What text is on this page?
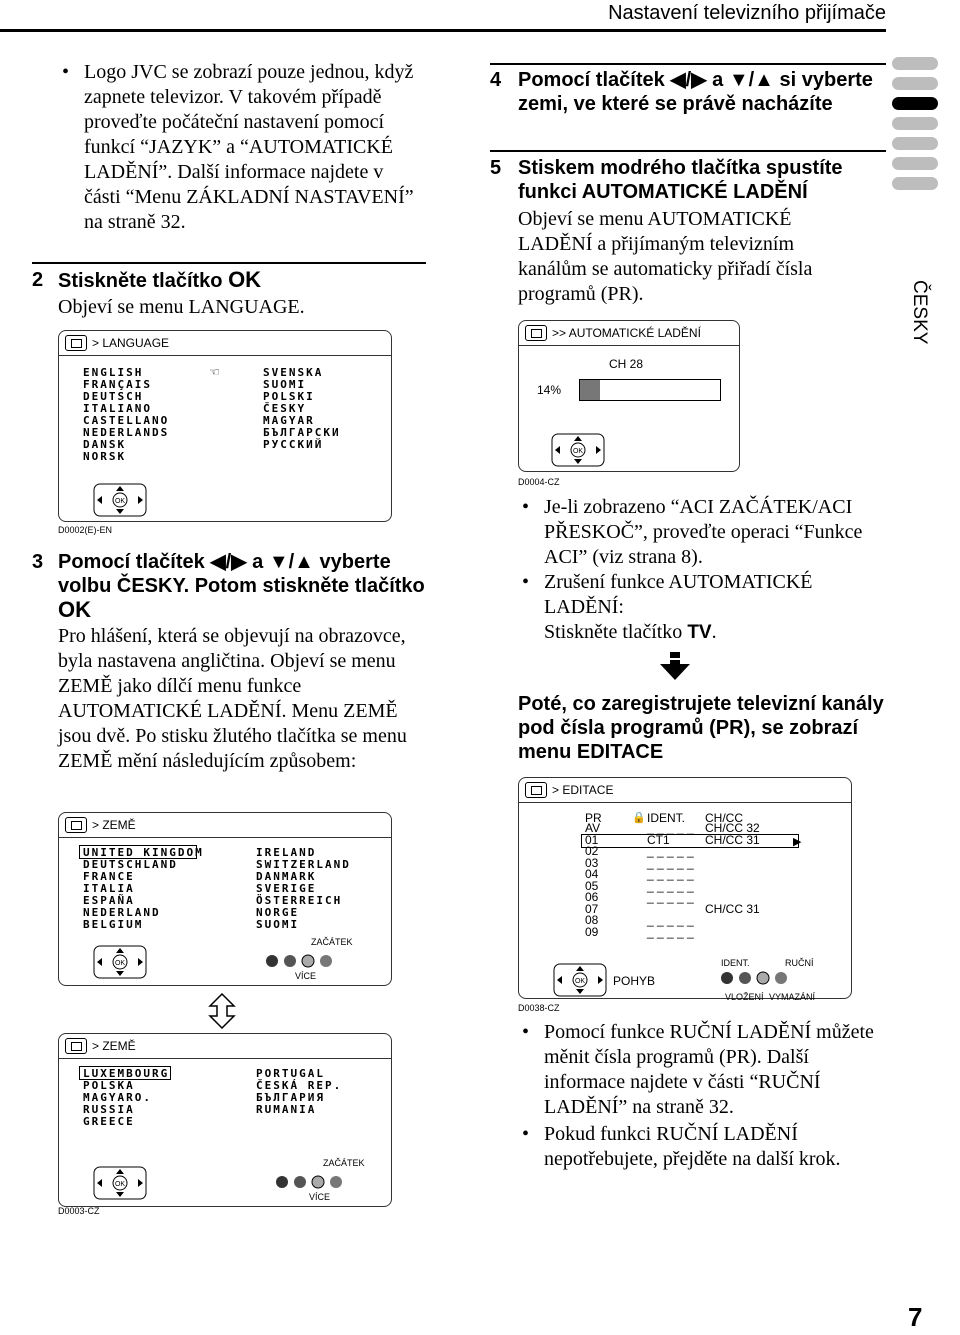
Nastavení televizního přijímače
ČESKY
• Logo JVC se zobrazí pouze jednou, když zapnete televizor. V takovém případě proveďte počáteční nastavení pomocí funkcí “JAZYK” a “AUTOMATICKÉ LADĚNÍ”. Další informace najdete v části “Menu ZÁKLADNÍ NASTAVENÍ” na straně 32.
2 Stiskněte tlačítko OK
Objeví se menu LANGUAGE.
> LANGUAGE
ENGLISH
FRANÇAIS
DEUTSCH
ITALIANO
CASTELLANO
NEDERLANDS
DANSK
NORSK
SVENSKA
SUOMI
POLSKI
ČESKY
MAGYAR
БЪЛГАРСКИ
РУССКИЙ
☜
OK
D0002(E)-EN
3 Pomocí tlačítek ◀/▶ a ▼/▲ vyberte volbu ČESKY. Potom stiskněte tlačítko OK
Pro hlášení, která se objevují na obrazovce, byla nastavena angličtina. Objeví se menu ZEMĚ jako dílčí menu funkce AUTOMATICKÉ LADĚNÍ. Menu ZEMĚ jsou dvě. Po stisku žlutého tlačítka se menu ZEMĚ mění následujícím způsobem:
> ZEMĚ
UNITED KINGDOM
DEUTSCHLAND
FRANCE
ITALIA
ESPAÑA
NEDERLAND
BELGIUM
IRELAND
SWITZERLAND
DANMARK
SVERIGE
ÖSTERREICH
NORGE
SUOMI
ZAČÁTEK
VÍCE
OK
> ZEMĚ
LUXEMBOURG
POLSKA
MAGYARO.
RUSSIA
GREECE
PORTUGAL
ČESKÁ REP.
БЪЛГАРИЯ
RUMANIA
ZAČÁTEK
VÍCE
OK
D0003-CZ
4 Pomocí tlačítek ◀/▶ a ▼/▲ si vyberte zemi, ve které se právě nacházíte
5 Stiskem modrého tlačítka spustíte funkci AUTOMATICKÉ LADĚNÍ
Objeví se menu AUTOMATICKÉ LADĚNÍ a přijímaným televizním kanálům se automaticky přiřadí čísla programů (PR).
>> AUTOMATICKÉ LADĚNÍ
CH 28
14%
OK
D0004-CZ
• Je-li zobrazeno “ACI ZAČÁTEK/ACI PŘESKOČ”, proveďte operaci “Funkce ACI” (viz strana 8).
• Zrušení funkce AUTOMATICKÉ LADĚNÍ:
Stiskněte tlačítko TV.
Poté, co zaregistrujete televizní kanály pod čísla programů (PR), se zobrazí menu EDITACE
> EDITACE
PR	🔒 IDENT. CH/CC
AV	_ _ _ _ _ CH/CC 32
01	CT1	CH/CC 31
02	_ _ _ _ _
03	_ _ _ _ _
04	_ _ _ _ _
05	_ _ _ _ _
06	_ _ _ _ _
07	CH/CC 31
08	_ _ _ _ _
09	_ _ _ _ _
▶
OK POHYB
IDENT.	RUČNÍ
VLOŽENÍ VYMAZÁNÍ
D0038-CZ
• Pomocí funkce RUČNÍ LADĚNÍ můžete měnit čísla programů (PR). Další informace najdete v části “RUČNÍ LADĚNÍ” na straně 32.
• Pokud funkci RUČNÍ LADĚNÍ nepotřebujete, přejděte na další krok.
7
